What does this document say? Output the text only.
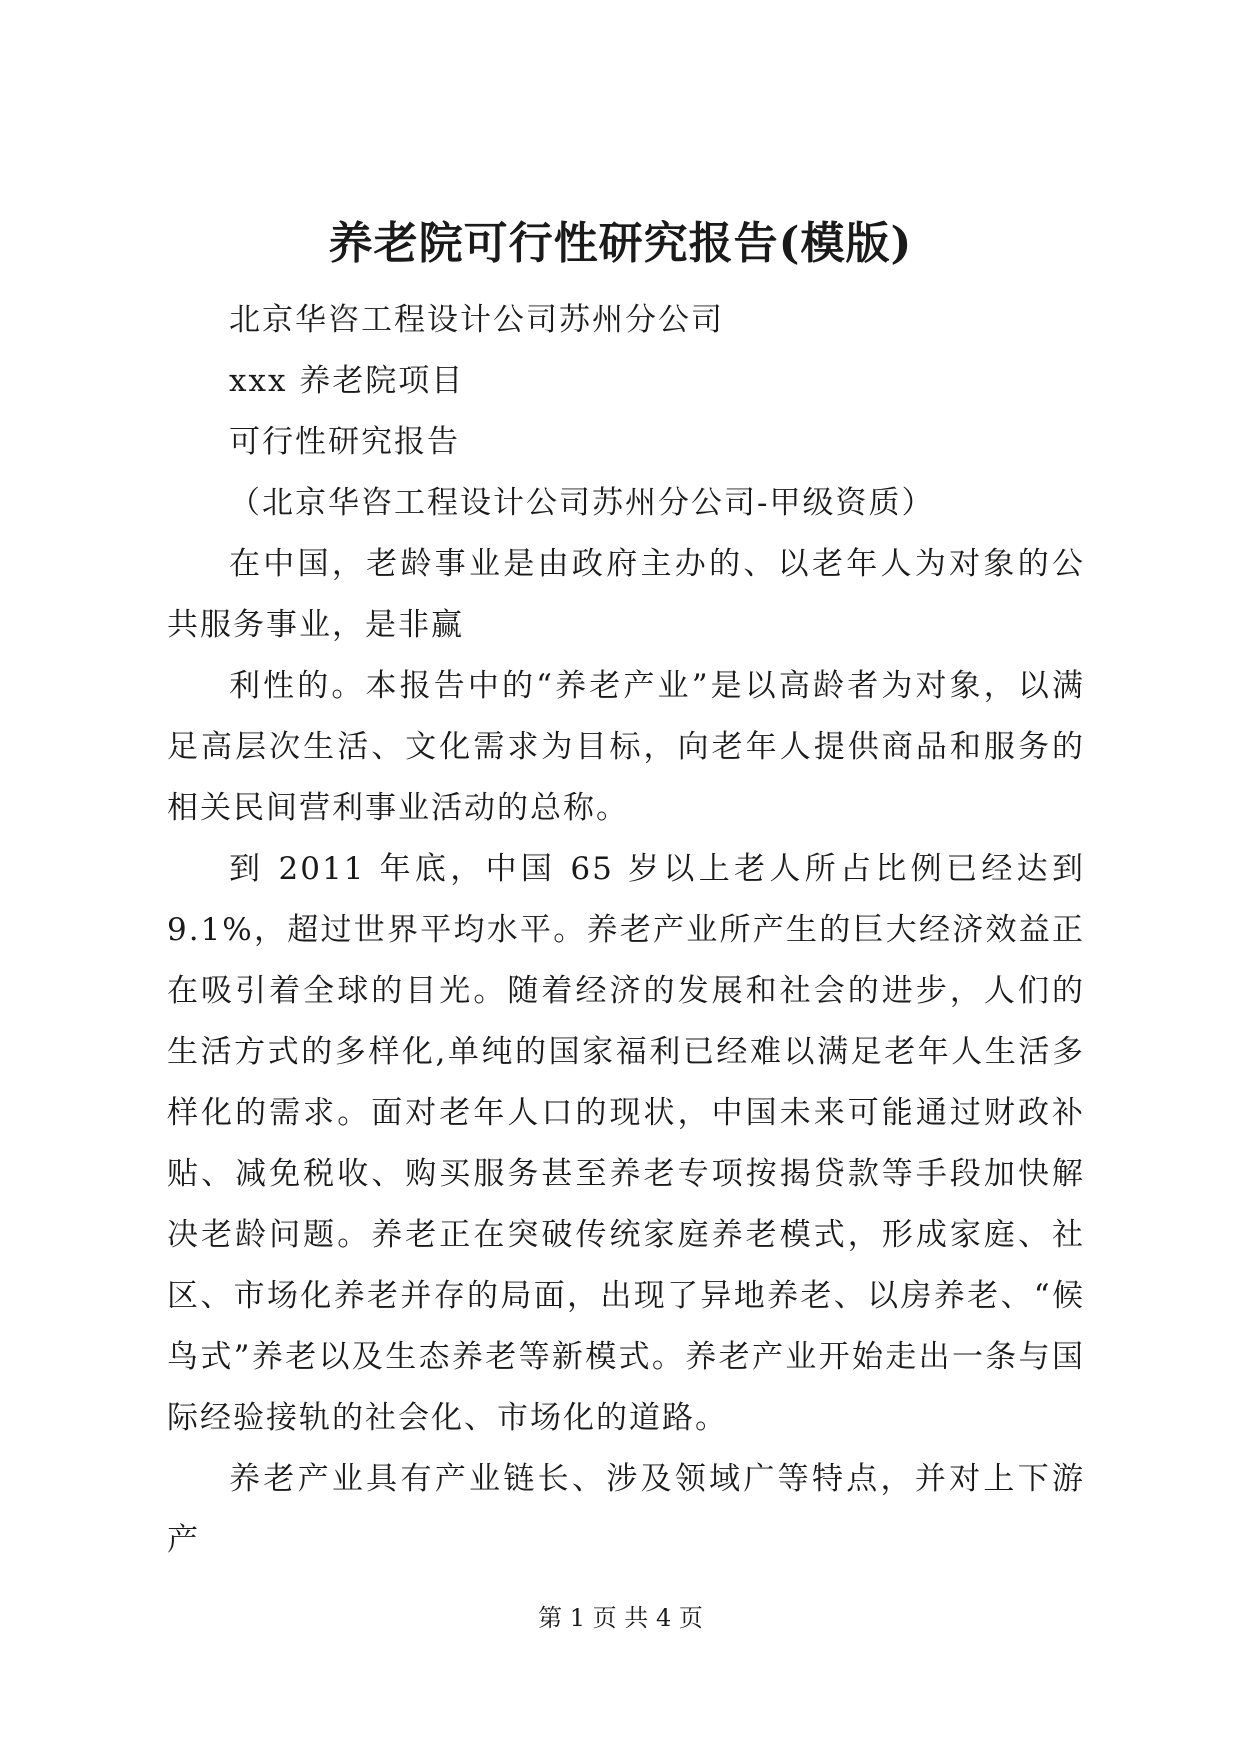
养老院可行性研究报告(模版)

北京华咨工程设计公司苏州分公司

xxx 养老院项目

可行性研究报告

（北京华咨工程设计公司苏州分公司-甲级资质）

在中国，老龄事业是由政府主办的、以老年人为对象的公共服务事业，是非赢

利性的。本报告中的“养老产业”是以高龄者为对象，以满足高层次生活、文化需求为目标，向老年人提供商品和服务的相关民间营利事业活动的总称。

到 2011 年底，中国 65 岁以上老人所占比例已经达到 9.1%，超过世界平均水平。养老产业所产生的巨大经济效益正在吸引着全球的目光。随着经济的发展和社会的进步，人们的生活方式的多样化,单纯的国家福利已经难以满足老年人生活多样化的需求。面对老年人口的现状，中国未来可能通过财政补贴、减免税收、购买服务甚至养老专项按揭贷款等手段加快解决老龄问题。养老正在突破传统家庭养老模式，形成家庭、社区、市场化养老并存的局面，出现了异地养老、以房养老、“候鸟式”养老以及生态养老等新模式。养老产业开始走出一条与国际经验接轨的社会化、市场化的道路。

养老产业具有产业链长、涉及领域广等特点，并对上下游产

第 1 页 共 4 页
